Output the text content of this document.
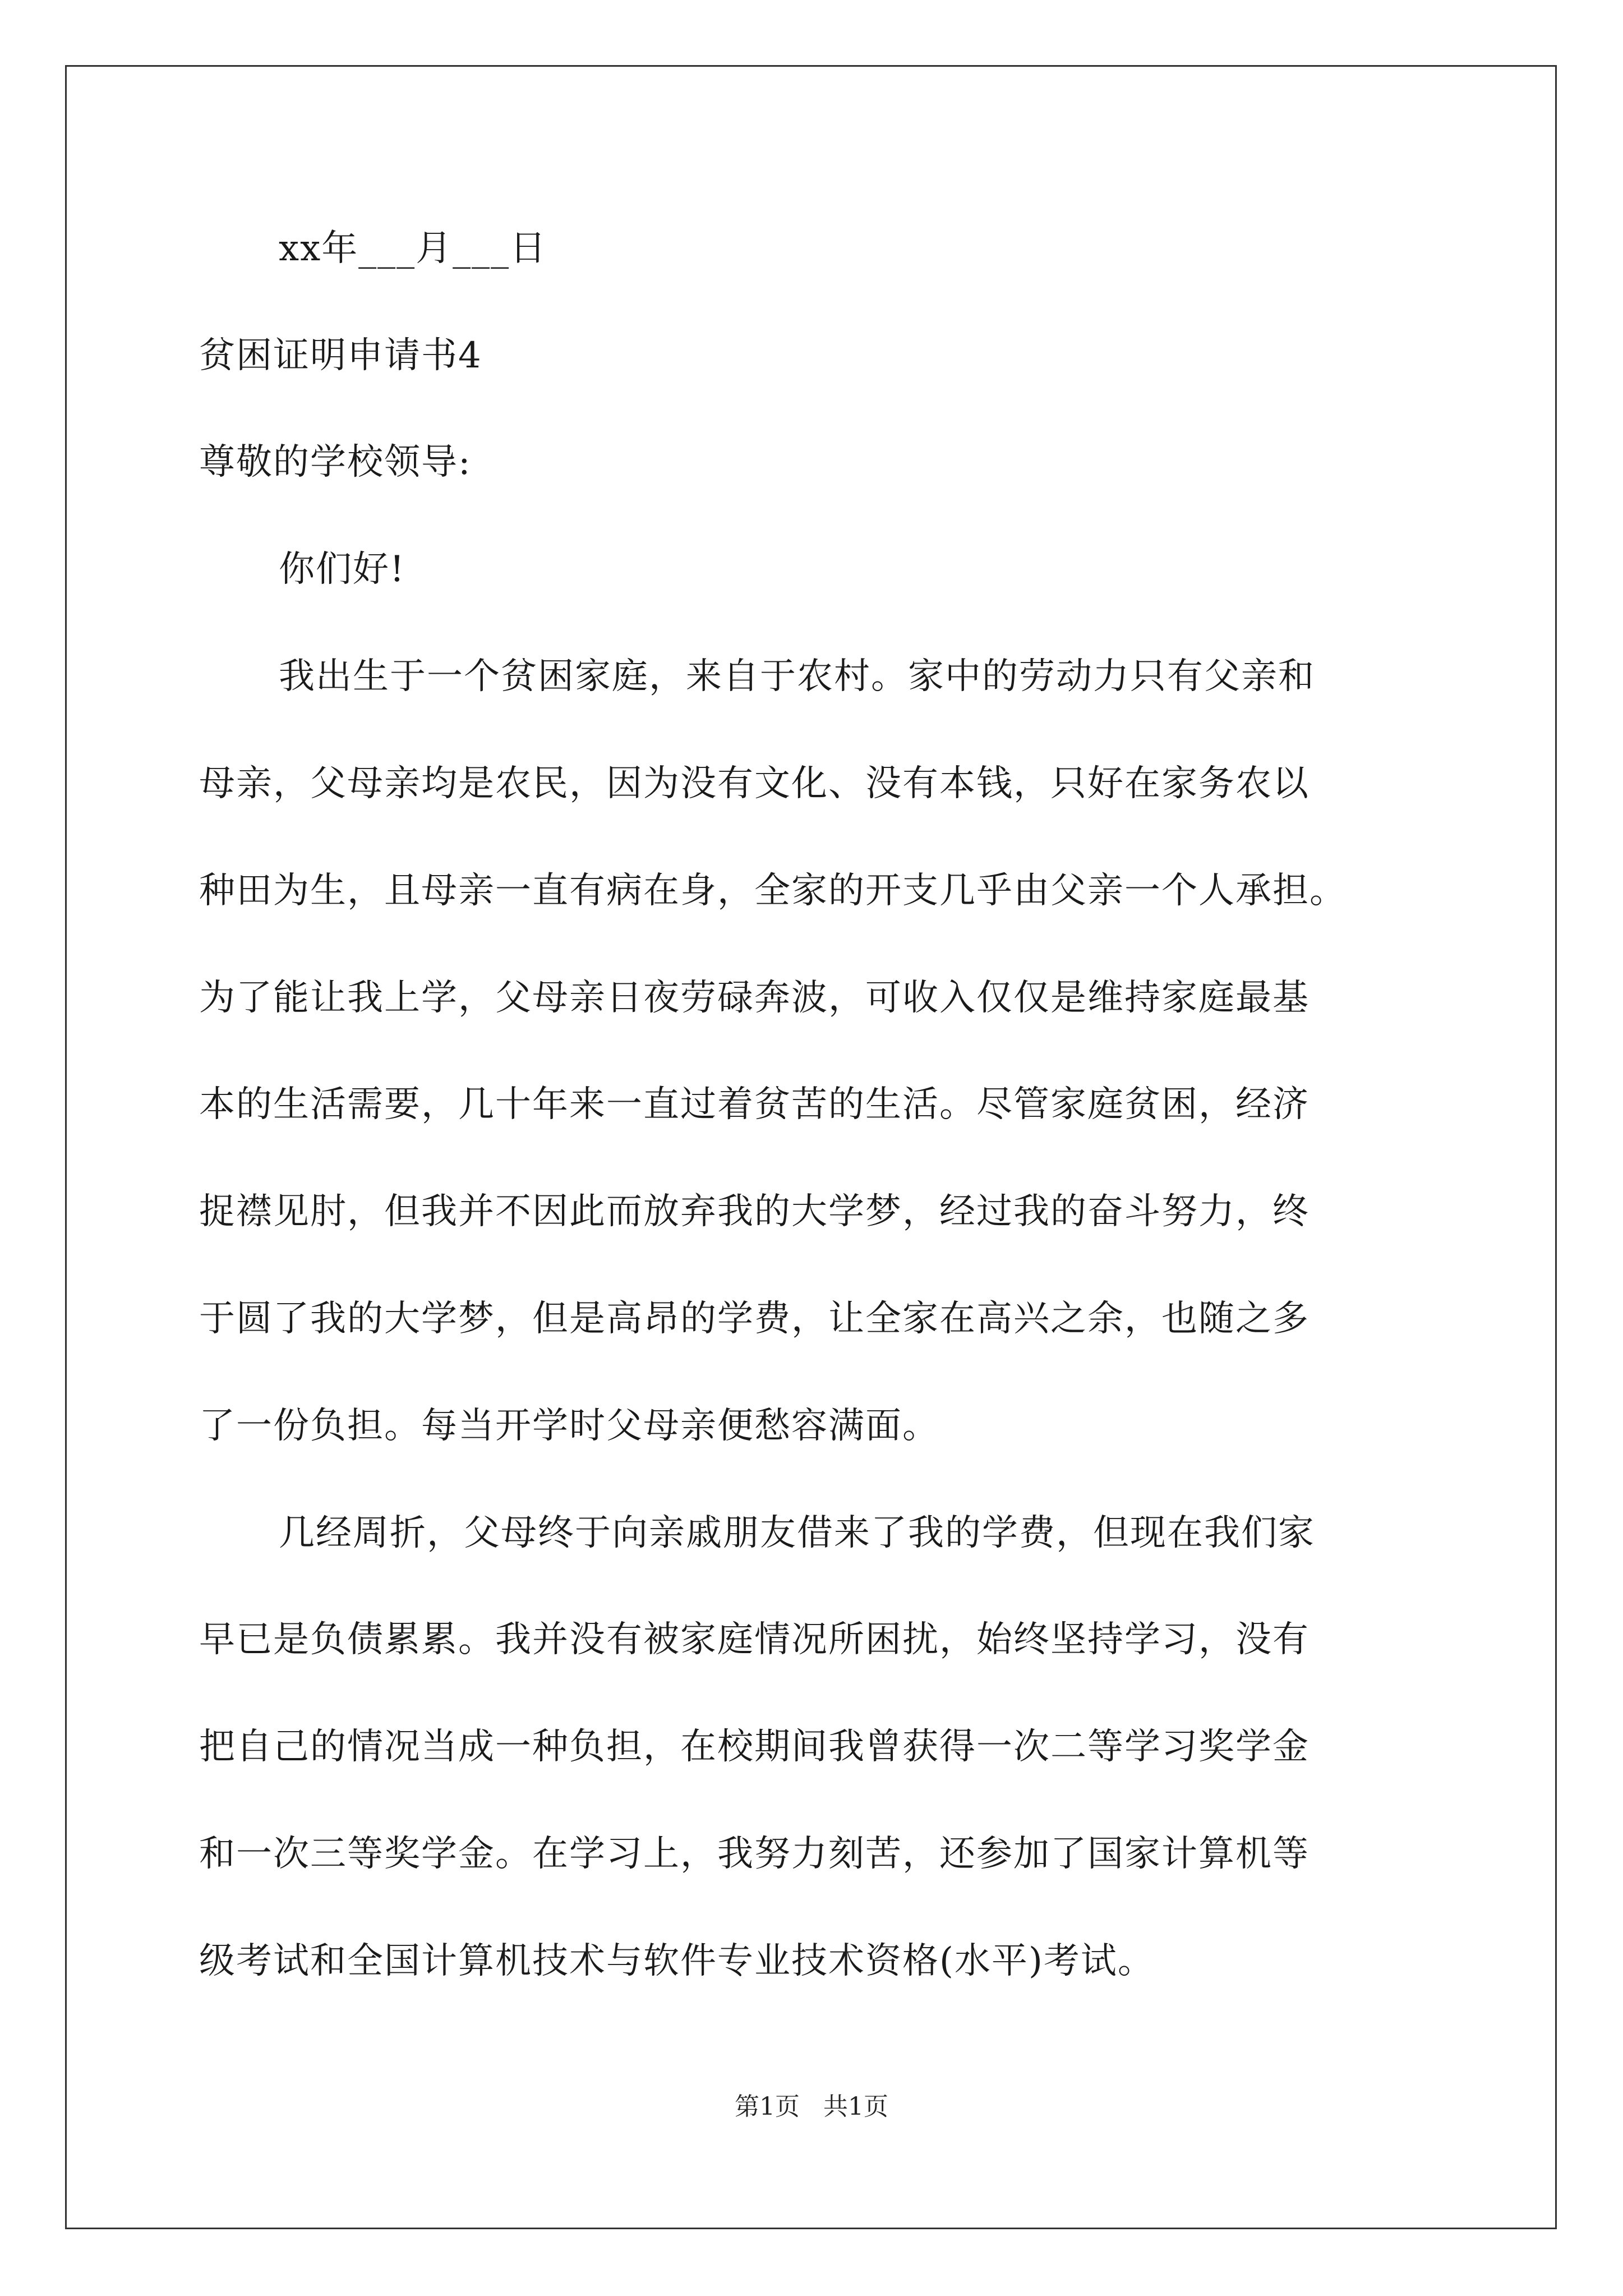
xx年___月___日
贫困证明申请书4
尊敬的学校领导:
你们好!
我出生于一个贫困家庭，来自于农村。家中的劳动力只有父亲和
母亲，父母亲均是农民，因为没有文化、没有本钱，只好在家务农以
种田为生，且母亲一直有病在身，全家的开支几乎由父亲一个人承担。
为了能让我上学，父母亲日夜劳碌奔波，可收入仅仅是维持家庭最基
本的生活需要，几十年来一直过着贫苦的生活。尽管家庭贫困，经济
捉襟见肘，但我并不因此而放弃我的大学梦，经过我的奋斗努力，终
于圆了我的大学梦，但是高昂的学费，让全家在高兴之余，也随之多
了一份负担。每当开学时父母亲便愁容满面。
几经周折，父母终于向亲戚朋友借来了我的学费，但现在我们家
早已是负债累累。我并没有被家庭情况所困扰，始终坚持学习，没有
把自己的情况当成一种负担，在校期间我曾获得一次二等学习奖学金
和一次三等奖学金。在学习上，我努力刻苦，还参加了国家计算机等
级考试和全国计算机技术与软件专业技术资格(水平)考试。
第1页   共1页
